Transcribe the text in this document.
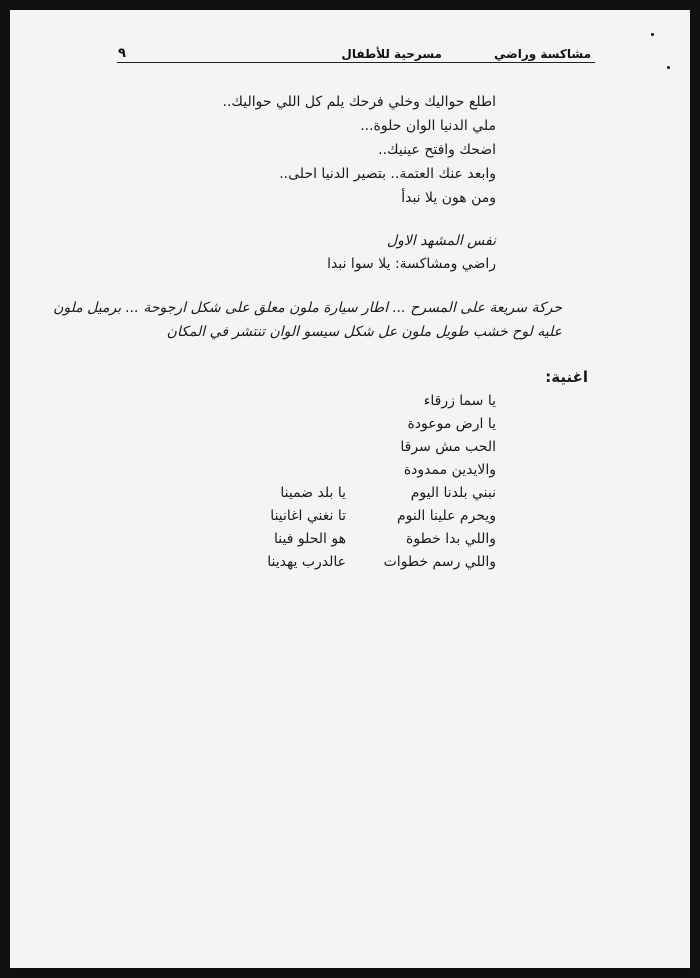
٩	مسرحية للأطفال	مشاكسة وراضي
اطلع حواليك وخلي فرحك يلم كل اللي حواليك..
ملي الدنيا الوان حلوة...
اضحك وافتح عينيك..
وابعد عنك العتمة.. بتصير الدنيا احلى..
ومن هون يلا نبدأ
نفس المشهد الاول
راضي ومشاكسة: يلا سوا نبدا
حركة سريعة على المسرح ... اطار سيارة ملون معلق على شكل ارجوحة ... برميل ملون
عليه لوح خشب طويل ملون عل شكل سيسو الوان تنتشر في المكان
اغنية:
يا سما زرقاء
يا ارض موعودة
الحب مش سرقا
والايدين ممدودة
نبني بلدنا اليوم
ويحرم علينا النوم
واللي بدا خطوة
واللي رسم خطوات
يا بلد ضمينا
تا نغني اغانينا
هو الحلو فينا
عالدرب يهدينا
